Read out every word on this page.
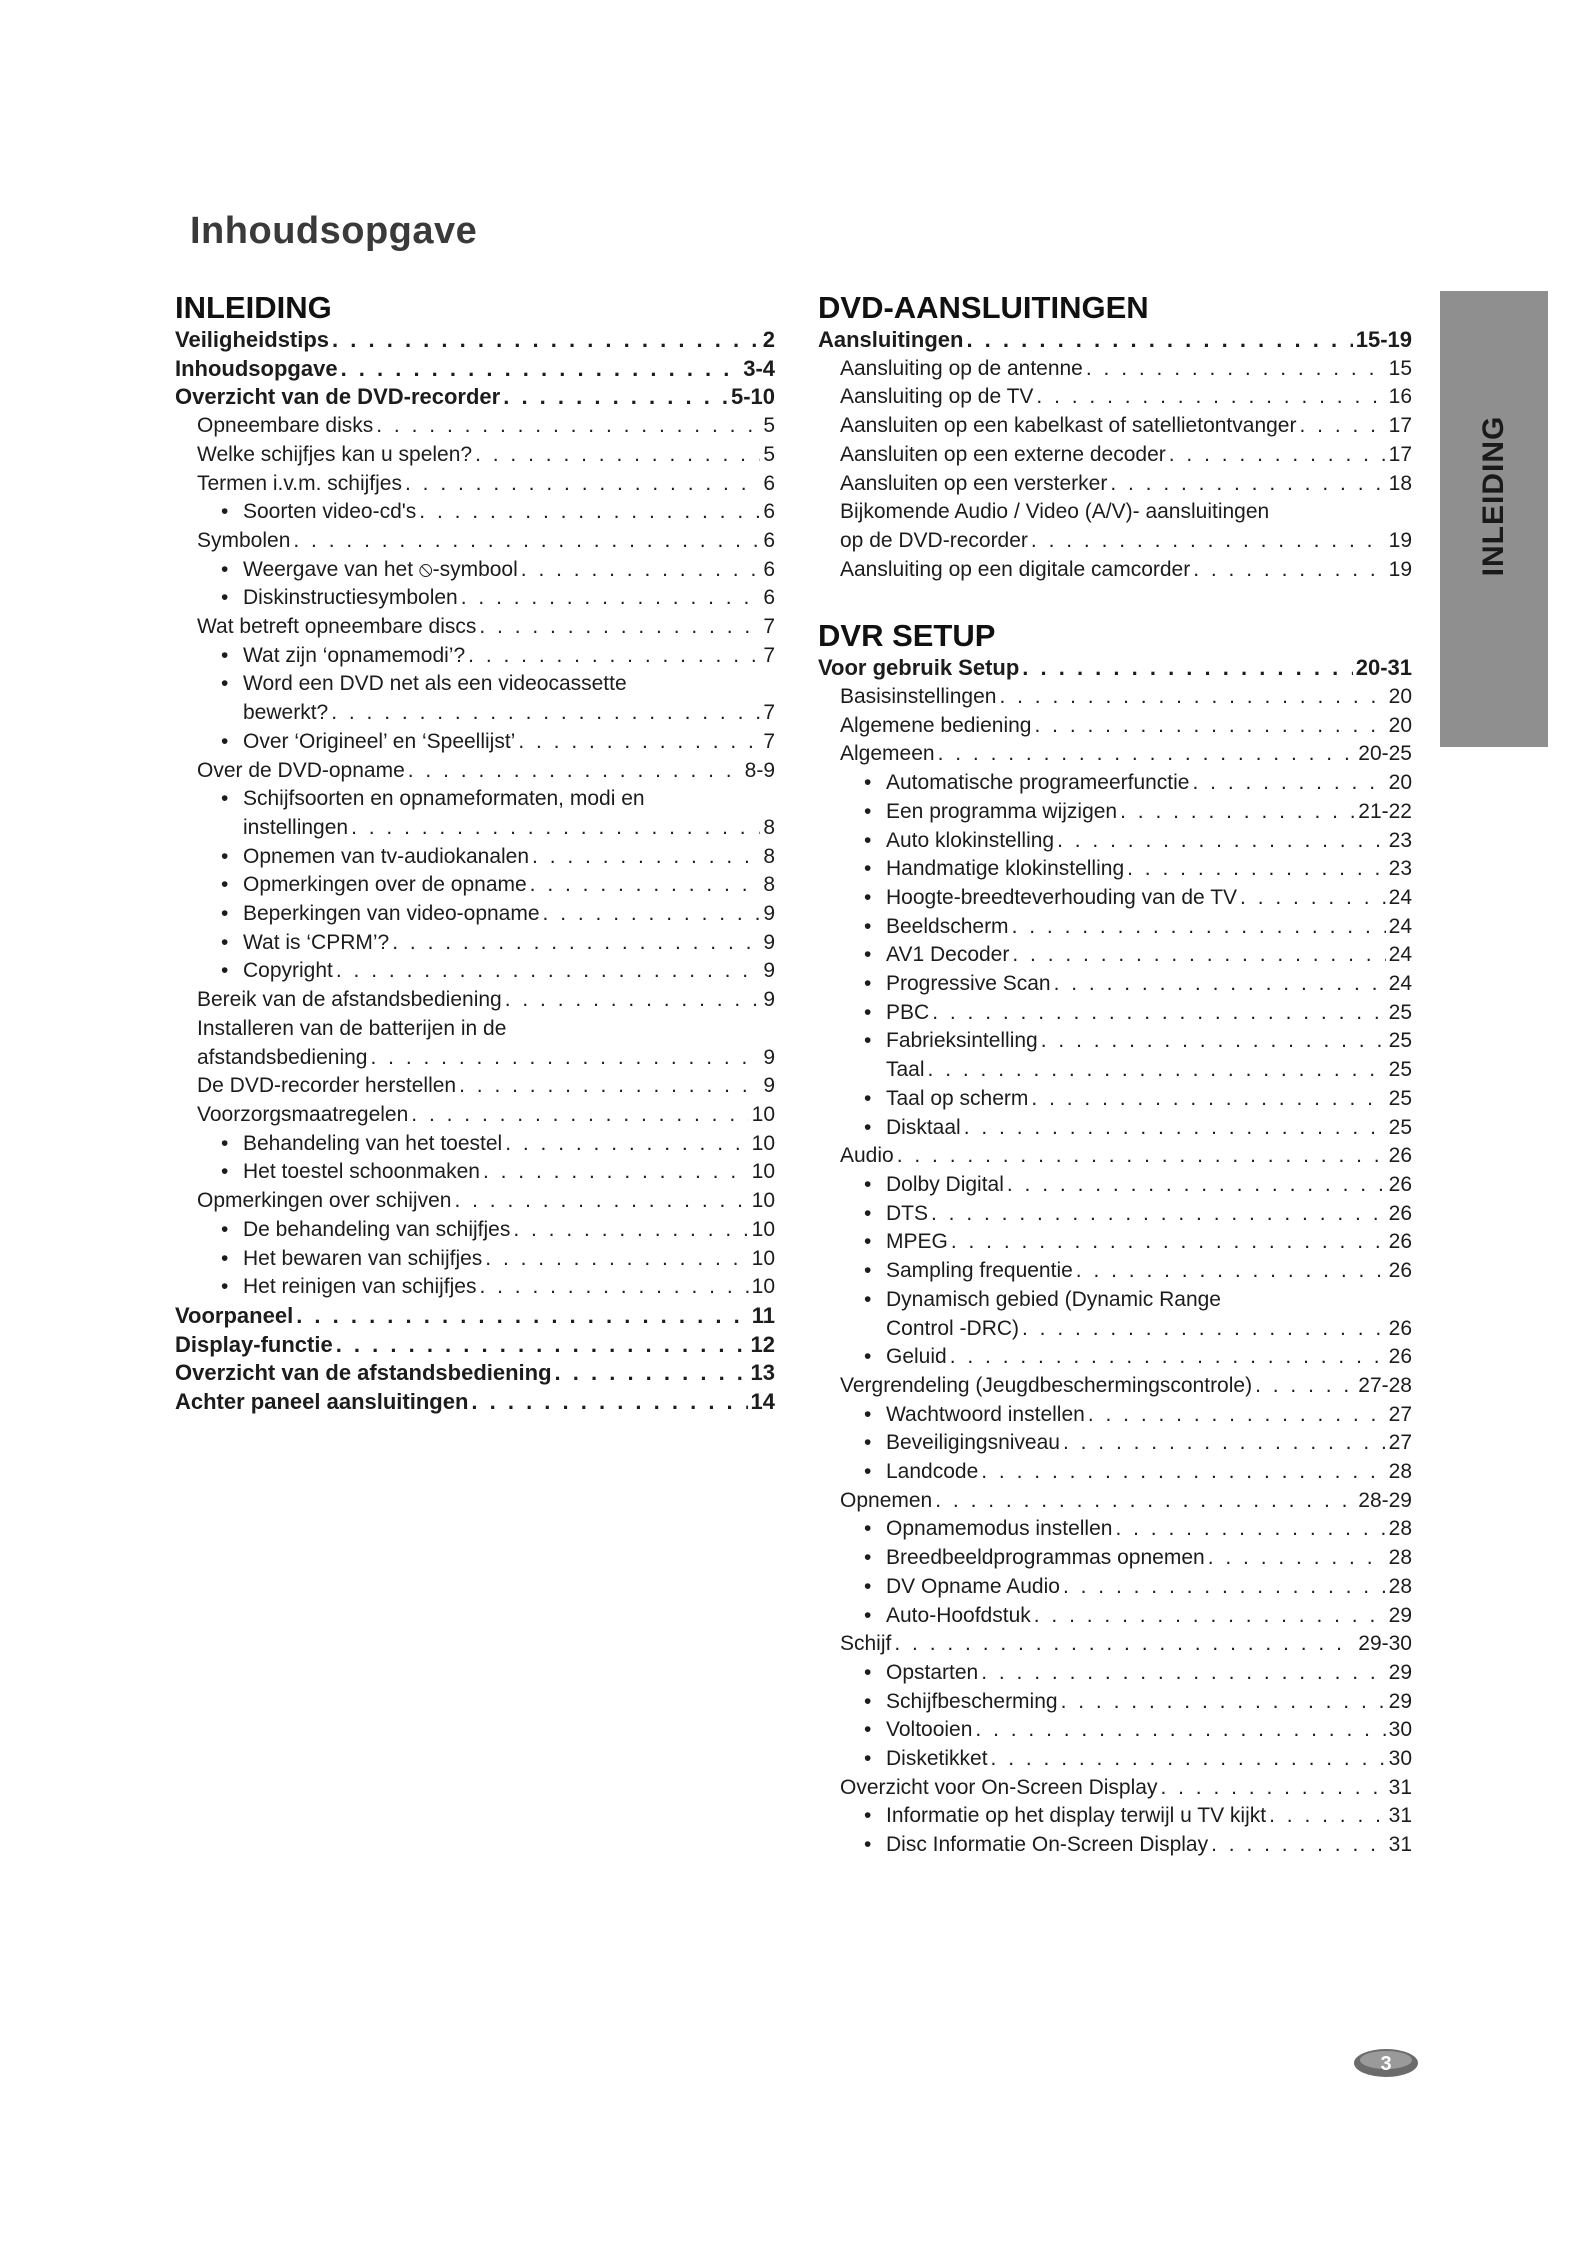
Inhoudsopgave
INLEIDING
INLEIDING
Veiligheidstips . . .	2
Inhoudsopgave . . .	3-4
Overzicht van de DVD-recorder . . .	5-10
Opneembare disks . . .	5
Welke schijfjes kan u spelen? . . .	5
Termen i.v.m. schijfjes . . .	6
• Soorten video-cd's . . .	6
Symbolen . . .	6
• Weergave van het ⦸-symbool . . .	6
• Diskinstructiesymbolen . . .	6
Wat betreft opneembare discs . . .	7
• Wat zijn ‘opnamemodi’? . . .	7
• Word een DVD net als een videocassette
bewerkt? . . .	7
• Over ‘Origineel’ en ‘Speellijst’ . . .	7
Over de DVD-opname . . .	8-9
• Schijfsoorten en opnameformaten, modi en
instellingen . . .	8
• Opnemen van tv-audiokanalen . . .	8
• Opmerkingen over de opname . . .	8
• Beperkingen van video-opname . . .	9
• Wat is ‘CPRM’? . . .	9
• Copyright . . .	9
Bereik van de afstandsbediening . . .	9
Installeren van de batterijen in de
afstandsbediening . . .	9
De DVD-recorder herstellen . . .	9
Voorzorgsmaatregelen . . .	10
• Behandeling van het toestel . . .	10
• Het toestel schoonmaken . . .	10
Opmerkingen over schijven . . .	10
• De behandeling van schijfjes . . .	10
• Het bewaren van schijfjes . . .	10
• Het reinigen van schijfjes . . .	10
Voorpaneel . . .	11
Display-functie . . .	12
Overzicht van de afstandsbediening . . .	13
Achter paneel aansluitingen . . .	14
DVD-AANSLUITINGEN
Aansluitingen . . .	15-19
Aansluiting op de antenne . . .	15
Aansluiting op de TV . . .	16
Aansluiten op een kabelkast of satellietontvanger . . .	17
Aansluiten op een externe decoder . . .	17
Aansluiten op een versterker . . .	18
Bijkomende Audio / Video (A/V)- aansluitingen
op de DVD-recorder . . .	19
Aansluiting op een digitale camcorder . . .	19
DVR SETUP
Voor gebruik Setup . . .	20-31
Basisinstellingen . . .	20
Algemene bediening . . .	20
Algemeen . . .	20-25
• Automatische programeerfunctie . . .	20
• Een programma wijzigen . . .	21-22
• Auto klokinstelling . . .	23
• Handmatige klokinstelling . . .	23
• Hoogte-breedteverhouding van de TV . . .	24
• Beeldscherm . . .	24
• AV1 Decoder . . .	24
• Progressive Scan . . .	24
• PBC . . .	25
• Fabrieksintelling . . .	25
Taal . . .	25
• Taal op scherm . . .	25
• Disktaal . . .	25
Audio . . .	26
• Dolby Digital . . .	26
• DTS . . .	26
• MPEG . . .	26
• Sampling frequentie . . .	26
• Dynamisch gebied (Dynamic Range
Control -DRC) . . .	26
• Geluid . . .	26
Vergrendeling (Jeugdbeschermingscontrole) . . .	27-28
• Wachtwoord instellen . . .	27
• Beveiligingsniveau . . .	27
• Landcode . . .	28
Opnemen . . .	28-29
• Opnamemodus instellen . . .	28
• Breedbeeldprogrammas opnemen . . .	28
• DV Opname Audio . . .	28
• Auto-Hoofdstuk . . .	29
Schijf . . .	29-30
• Opstarten . . .	29
• Schijfbescherming . . .	29
• Voltooien . . .	30
• Disketikket . . .	30
Overzicht voor On-Screen Display . . .	31
• Informatie op het display terwijl u TV kijkt . . .	31
• Disc Informatie On-Screen Display . . .	31
3
